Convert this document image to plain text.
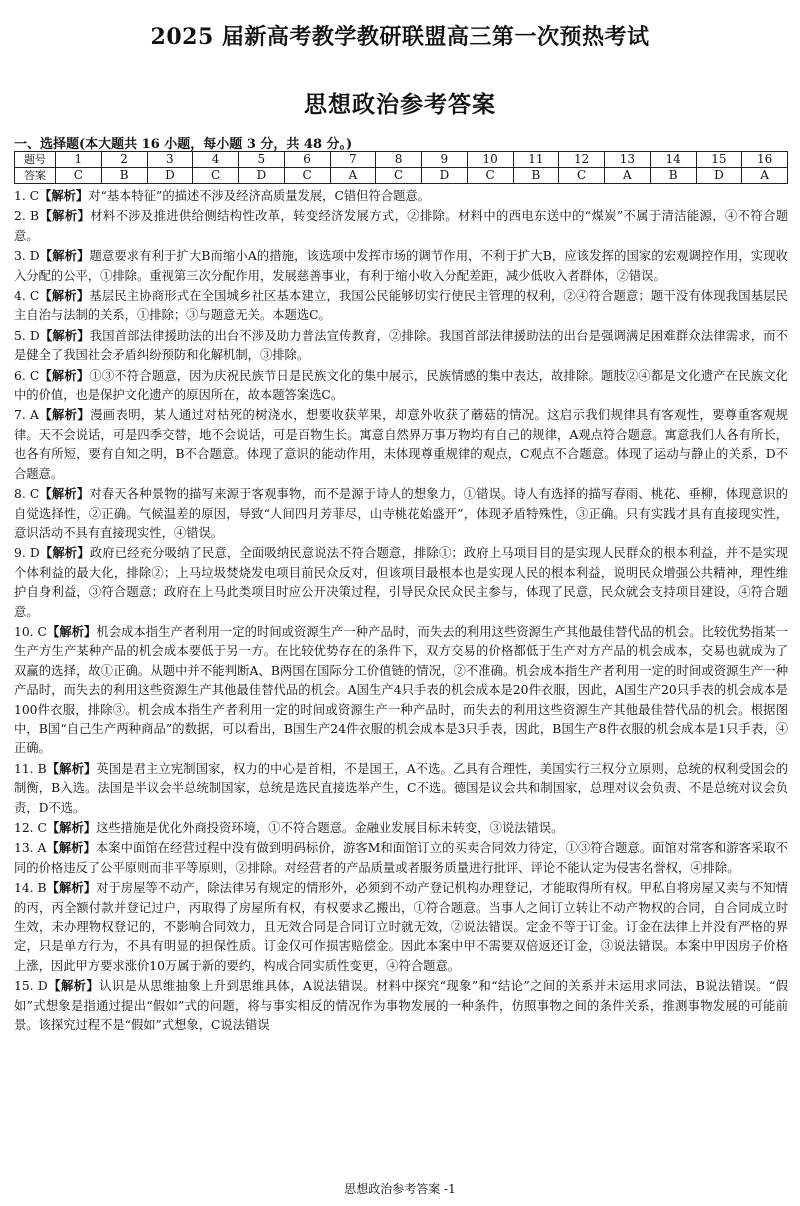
2025 届新高考教学教研联盟高三第一次预热考试
思想政治参考答案
一、选择题(本大题共 16 小题，每小题 3 分，共 48 分。)
题号	1	2	3	4	5	6	7	8	9	10	11	12	13	14	15	16
答案	C	B	D	C	D	C	A	C	D	C	B	C	A	B	D	A

1. C【解析】对“基本特征”的描述不涉及经济高质量发展，C错但符合题意。

2. B【解析】材料不涉及推进供给侧结构性改革，转变经济发展方式，②排除。材料中的西电东送中的“煤炭”不属于清洁能源，④不符合题意。

3. D【解析】题意要求有利于扩大B而缩小A的措施，该选项中发挥市场的调节作用，不利于扩大B，应该发挥的国家的宏观调控作用，实现收入分配的公平，①排除。重视第三次分配作用，发展慈善事业，有利于缩小收入分配差距，减少低收入者群体，②错误。

4. C【解析】基层民主协商形式在全国城乡社区基本建立，我国公民能够切实行使民主管理的权利，②④符合题意；题干没有体现我国基层民主自治与法制的关系，①排除；③与题意无关。本题选C。

5. D【解析】我国首部法律援助法的出台不涉及助力普法宣传教育，②排除。我国首部法律援助法的出台是强调满足困难群众法律需求，而不是健全了我国社会矛盾纠纷预防和化解机制，③排除。

6. C【解析】①③不符合题意，因为庆祝民族节日是民族文化的集中展示，民族情感的集中表达，故排除。题肢②④都是文化遗产在民族文化中的价值，也是保护文化遗产的原因所在，故本题答案选C。

7. A【解析】漫画表明，某人通过对枯死的树浇水，想要收获苹果，却意外收获了蘑菇的情况。这启示我们规律具有客观性，要尊重客观规律。天不会说话，可是四季交替，地不会说话，可是百物生长。寓意自然界万事万物均有自己的规律，A观点符合题意。寓意我们人各有所长，也各有所短，要有自知之明，B不合题意。体现了意识的能动作用，未体现尊重规律的观点，C观点不合题意。体现了运动与静止的关系，D不合题意。

8. C【解析】对春天各种景物的描写来源于客观事物，而不是源于诗人的想象力，①错误。诗人有选择的描写春雨、桃花、垂柳，体现意识的自觉选择性，②正确。气候温差的原因，导致“人间四月芳菲尽，山寺桃花始盛开”，体现矛盾特殊性，③正确。只有实践才具有直接现实性，意识活动不具有直接现实性，④错误。

9. D【解析】政府已经充分吸纳了民意，全面吸纳民意说法不符合题意，排除①；政府上马项目目的是实现人民群众的根本利益，并不是实现个体利益的最大化，排除②；上马垃圾焚烧发电项目前民众反对，但该项目最根本也是实现人民的根本利益，说明民众增强公共精神，理性维护自身利益，③符合题意；政府在上马此类项目时应公开决策过程，引导民众民众民主参与，体现了民意，民众就会支持项目建设，④符合题意。

10. C【解析】机会成本指生产者利用一定的时间或资源生产一种产品时，而失去的利用这些资源生产其他最佳替代品的机会。比较优势指某一生产方生产某种产品的机会成本要低于另一方。在比较优势存在的条件下，双方交易的价格都低于生产对方产品的机会成本，交易也就成为了双赢的选择，故①正确。从题中并不能判断A、B两国在国际分工价值链的情况，②不准确。机会成本指生产者利用一定的时间或资源生产一种产品时，而失去的利用这些资源生产其他最佳替代品的机会。A国生产4只手表的机会成本是20件衣服，因此，A国生产20只手表的机会成本是100件衣服，排除③。机会成本指生产者利用一定的时间或资源生产一种产品时，而失去的利用这些资源生产其他最佳替代品的机会。根据图中，B国“自己生产两种商品”的数据，可以看出，B国生产24件衣服的机会成本是3只手表，因此，B国生产8件衣服的机会成本是1只手表，④正确。

11. B【解析】英国是君主立宪制国家，权力的中心是首相，不是国王，A不选。乙具有合理性，美国实行三权分立原则，总统的权利受国会的制衡，B入选。法国是半议会半总统制国家，总统是选民直接选举产生，C不选。德国是议会共和制国家，总理对议会负责、不是总统对议会负责，D不选。

12. C【解析】这些措施是优化外商投资环境，①不符合题意。金融业发展目标未转变，③说法错误。

13. A【解析】本案中面馆在经营过程中没有做到明码标价，游客M和面馆订立的买卖合同效力待定，①③符合题意。面馆对常客和游客采取不同的价格违反了公平原则而非平等原则，②排除。对经营者的产品质量或者服务质量进行批评、评论不能认定为侵害名誉权，④排除。

14. B【解析】对于房屋等不动产，除法律另有规定的情形外，必须到不动产登记机构办理登记，才能取得所有权。甲私自将房屋又卖与不知情的丙，丙全额付款并登记过户，丙取得了房屋所有权，有权要求乙搬出，①符合题意。当事人之间订立转让不动产物权的合同，自合同成立时生效，未办理物权登记的，不影响合同效力，且无效合同是合同订立时就无效，②说法错误。定金不等于订金。订金在法律上并没有严格的界定，只是单方行为，不具有明显的担保性质。订金仅可作损害赔偿金。因此本案中甲不需要双倍返还订金，③说法错误。本案中甲因房子价格上涨，因此甲方要求涨价10万属于新的要约，构成合同实质性变更，④符合题意。

15. D【解析】认识是从思维抽象上升到思维具体，A说法错误。材料中探究“现象”和“结论”之间的关系并未运用求同法，B说法错误。“假如”式想象是指通过提出“假如”式的问题，将与事实相反的情况作为事物发展的一种条件，仿照事物之间的条件关系，推测事物发展的可能前景。该探究过程不是“假如”式想象，C说法错误

思想政治参考答案 -1
